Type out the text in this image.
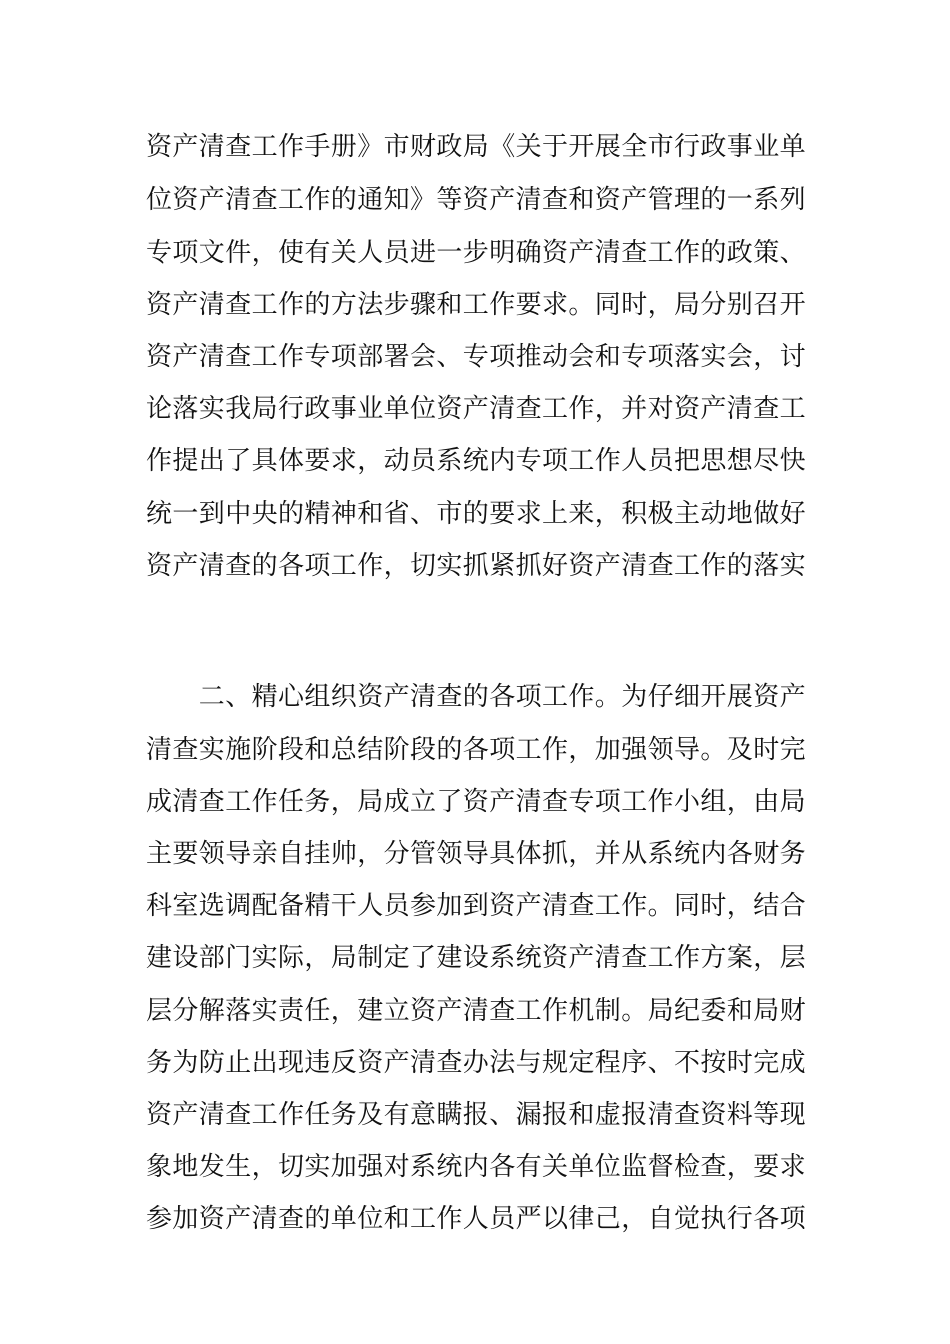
资产清查工作手册》市财政局《关于开展全市行政事业单
位资产清查工作的通知》等资产清查和资产管理的一系列
专项文件，使有关人员进一步明确资产清查工作的政策、
资产清查工作的方法步骤和工作要求。同时，局分别召开
资产清查工作专项部署会、专项推动会和专项落实会，讨
论落实我局行政事业单位资产清查工作，并对资产清查工
作提出了具体要求，动员系统内专项工作人员把思想尽快
统一到中央的精神和省、市的要求上来，积极主动地做好
资产清查的各项工作，切实抓紧抓好资产清查工作的落实
　　二、精心组织资产清查的各项工作。为仔细开展资产
清查实施阶段和总结阶段的各项工作，加强领导。及时完
成清查工作任务，局成立了资产清查专项工作小组，由局
主要领导亲自挂帅，分管领导具体抓，并从系统内各财务
科室选调配备精干人员参加到资产清查工作。同时，结合
建设部门实际，局制定了建设系统资产清查工作方案，层
层分解落实责任，建立资产清查工作机制。局纪委和局财
务为防止出现违反资产清查办法与规定程序、不按时完成
资产清查工作任务及有意瞒报、漏报和虚报清查资料等现
象地发生，切实加强对系统内各有关单位监督检查，要求
参加资产清查的单位和工作人员严以律己，自觉执行各项
